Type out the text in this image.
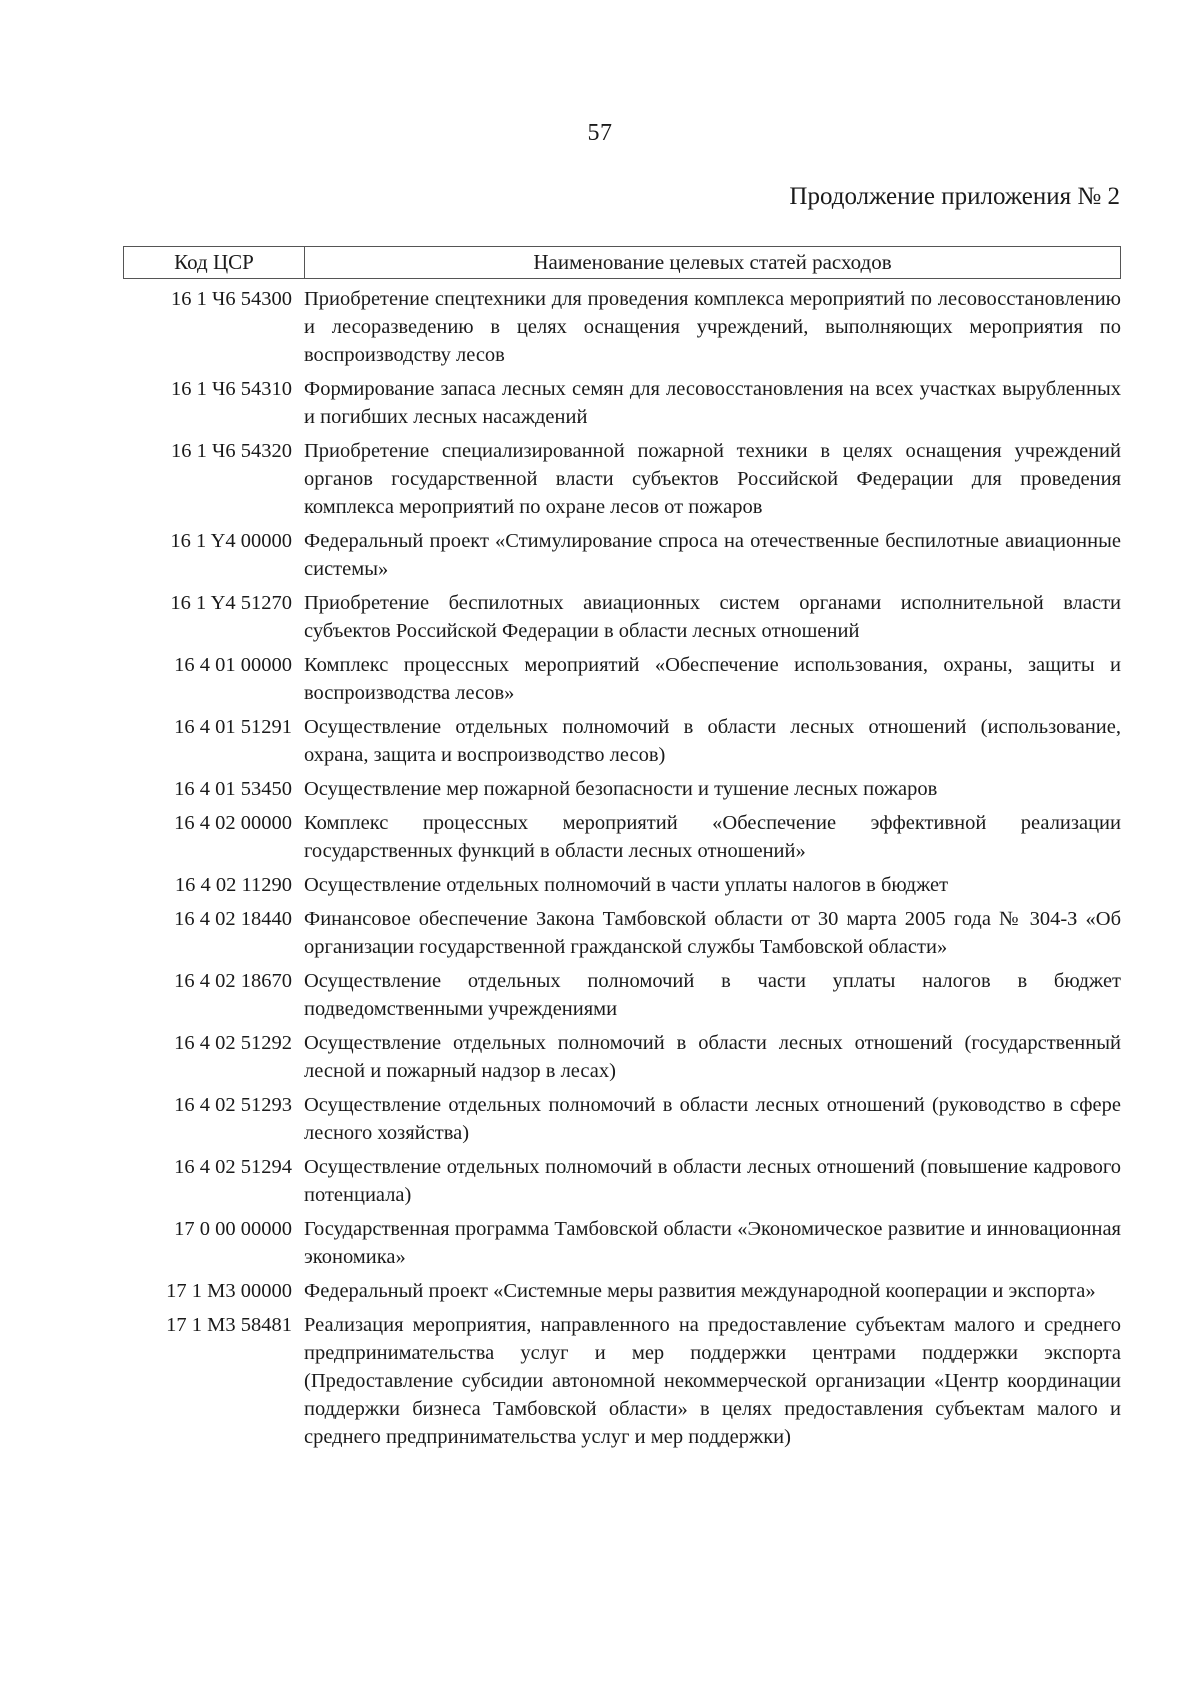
57
Продолжение приложения № 2
Код ЦСР	Наименование целевых статей расходов
16 1 Ч6 54300 Приобретение спецтехники для проведения комплекса мероприятий по лесовосстановлению и лесоразведению в целях оснащения учреждений, выполняющих мероприятия по воспроизводству лесов
16 1 Ч6 54310 Формирование запаса лесных семян для лесовосстановления на всех участках вырубленных и погибших лесных насаждений
16 1 Ч6 54320 Приобретение специализированной пожарной техники в целях оснащения учреждений органов государственной власти субъектов Российской Федерации для проведения комплекса мероприятий по охране лесов от пожаров
16 1 Y4 00000 Федеральный проект «Стимулирование спроса на отечественные беспилотные авиационные системы»
16 1 Y4 51270 Приобретение беспилотных авиационных систем органами исполнительной власти субъектов Российской Федерации в области лесных отношений
16 4 01 00000 Комплекс процессных мероприятий «Обеспечение использования, охраны, защиты и воспроизводства лесов»
16 4 01 51291 Осуществление отдельных полномочий в области лесных отношений (использование, охрана, защита и воспроизводство лесов)
16 4 01 53450 Осуществление мер пожарной безопасности и тушение лесных пожаров
16 4 02 00000 Комплекс процессных мероприятий «Обеспечение эффективной реализации государственных функций в области лесных отношений»
16 4 02 11290 Осуществление отдельных полномочий в части уплаты налогов в бюджет
16 4 02 18440 Финансовое обеспечение Закона Тамбовской области от 30 марта 2005 года № 304-З «Об организации государственной гражданской службы Тамбовской области»
16 4 02 18670 Осуществление отдельных полномочий в части уплаты налогов в бюджет подведомственными учреждениями
16 4 02 51292 Осуществление отдельных полномочий в области лесных отношений (государственный лесной и пожарный надзор в лесах)
16 4 02 51293 Осуществление отдельных полномочий в области лесных отношений (руководство в сфере лесного хозяйства)
16 4 02 51294 Осуществление отдельных полномочий в области лесных отношений (повышение кадрового потенциала)
17 0 00 00000 Государственная программа Тамбовской области «Экономическое развитие и инновационная экономика»
17 1 М3 00000 Федеральный проект «Системные меры развития международной кооперации и экспорта»
17 1 М3 58481 Реализация мероприятия, направленного на предоставление субъектам малого и среднего предпринимательства услуг и мер поддержки центрами поддержки экспорта (Предоставление субсидии автономной некоммерческой организации «Центр координации поддержки бизнеса Тамбовской области» в целях предоставления субъектам малого и среднего предпринимательства услуг и мер поддержки)
